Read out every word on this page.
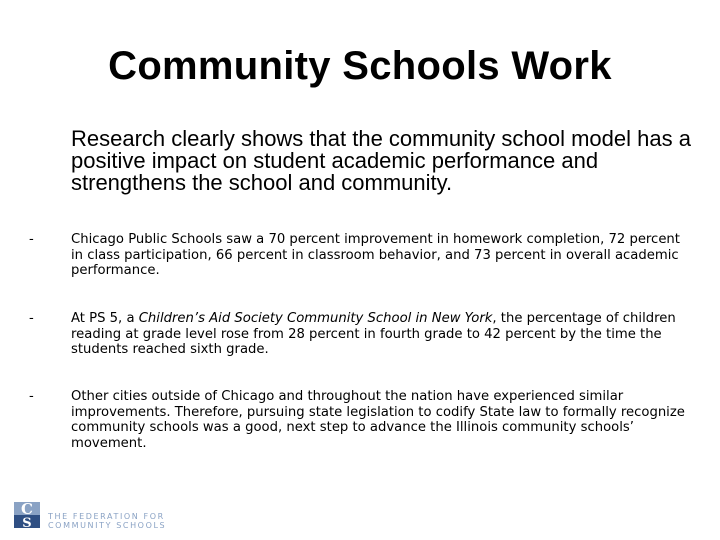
Community Schools Work

Research clearly shows that the community school model has a positive impact on student academic performance and strengthens the school and community.

-	Chicago Public Schools saw a 70 percent improvement in homework completion, 72 percent in class participation, 66 percent in classroom behavior, and 73 percent in overall academic performance.
-	At PS 5, a Children’s Aid Society Community School in New York, the percentage of children reading at grade level rose from 28 percent in fourth grade to 42 percent by the time the students reached sixth grade.
-	Other cities outside of Chicago and throughout the nation have experienced similar improvements. Therefore, pursuing state legislation to codify State law to formally recognize community schools was a good, next step to advance the Illinois community schools’ movement.
C
S THE FEDERATION FOR
COMMUNITY SCHOOLS
